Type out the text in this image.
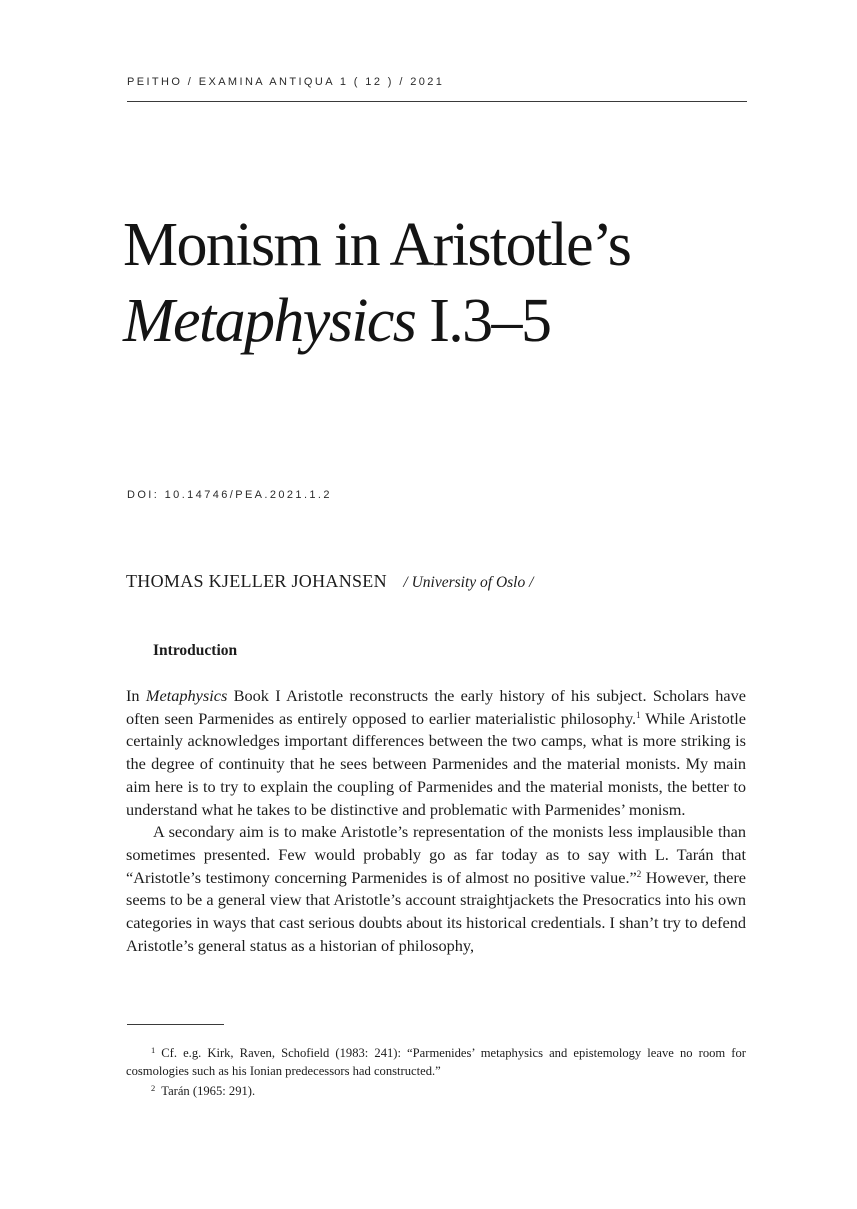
PEITHO / EXAMINA ANTIQUA 1 ( 12 ) / 2021
Monism in Aristotle’s
Metaphysics I.3–5
DOI: 10.14746/PEA.2021.1.2
THOMAS KJELLER JOHANSEN / University of Oslo /
Introduction

In Metaphysics Book I Aristotle reconstructs the early history of his subject. Scholars have often seen Parmenides as entirely opposed to earlier materialistic philosophy.$^1$ While Aristotle certainly acknowledges important differences between the two camps, what is more striking is the degree of continuity that he sees between Parmenides and the material monists. My main aim here is to try to explain the coupling of Parmenides and the material monists, the better to understand what he takes to be distinctive and problematic with Parmenides’ monism.

A secondary aim is to make Aristotle’s representation of the monists less implausible than sometimes presented. Few would probably go as far today as to say with L. Tarán that “Aristotle’s testimony concerning Parmenides is of almost no positive value.”$^2$ However, there seems to be a general view that Aristotle’s account straightjackets the Presocratics into his own categories in ways that cast serious doubts about its historical credentials. I shan’t try to defend Aristotle’s general status as a historian of philosophy,

$^1$ Cf. e.g. Kirk, Raven, Schofield (1983: 241): “Parmenides’ metaphysics and epistemology leave no room for cosmologies such as his Ionian predecessors had constructed.”

$^2$ Tarán (1965: 291).
